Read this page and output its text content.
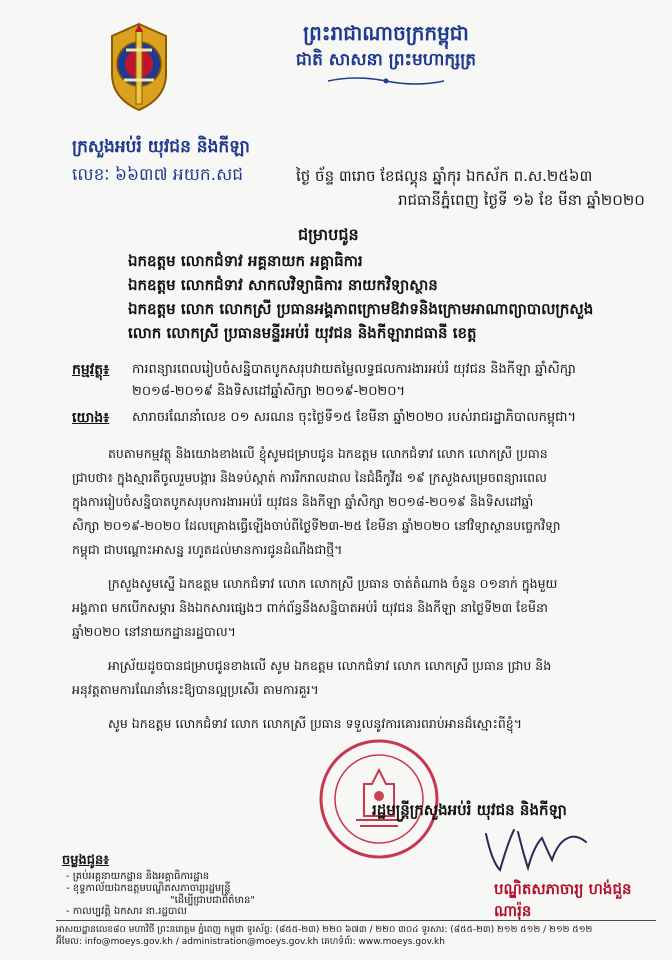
ព្រះរាជាណាចក្រកម្ពុជា
ជាតិ សាសនា ព្រះមហាក្សត្រ
ក្រសួងអប់រំ យុវជន និងកីឡា
លេខៈ ៦៦៣៧ អយក.សជ	ថ្ងៃ ច័ន្ទ ៣រោច ខែផល្គុន ឆ្នាំកុរ ឯកស័ក ព.ស.២៥៦៣
រាជធានីភ្នំពេញ ថ្ងៃទី ១៦ ខែ មីនា ឆ្នាំ២០២០
ជម្រាបជូន
ឯកឧត្តម លោកជំទាវ អគ្គនាយក អគ្គាធិការ
ឯកឧត្តម លោកជំទាវ សាកលវិទ្យាធិការ នាយកវិទ្យាស្ថាន
ឯកឧត្តម លោក លោកស្រី ប្រធានអង្គភាពក្រោមឱវាទនិងក្រោមអាណាព្យាបាលក្រសួង
លោក លោកស្រី ប្រធានមន្ទីរអប់រំ យុវជន និងកីឡារាជធានី ខេត្ត
កម្មវត្ថុ៖ ការពន្យារពេលរៀបចំសន្និបាតបូកសរុបវាយតម្លៃលទ្ធផលការងារអប់រំ យុវជន និងកីឡា ឆ្នាំសិក្សា
២០១៨-២០១៩ និងទិសដៅឆ្នាំសិក្សា ២០១៩-២០២០។
យោង៖ សារាចរណែនាំលេខ ០១ សរណន ចុះថ្ងៃទី១៥ ខែមីនា ឆ្នាំ២០២០ របស់រាជរដ្ឋាភិបាលកម្ពុជា។
តបតាមកម្មវត្ថុ និងយោងខាងលើ ខ្ញុំសូមជម្រាបជូន ឯកឧត្តម លោកជំទាវ លោក លោកស្រី ប្រធាន
ជ្រាបថា៖ ក្នុងស្មារតីចូលរួមបង្ការ និងទប់ស្កាត់ ការរីករាលដាល នៃជំងឺកូវីដ ១៩ ក្រសួងសម្រេចពន្យារពេល
ក្នុងការរៀបចំសន្និបាតបូកសរុបការងារអប់រំ យុវជន និងកីឡា ឆ្នាំសិក្សា ២០១៨-២០១៩ និងទិសដៅឆ្នាំ
សិក្សា ២០១៩-២០២០ ដែលគ្រោងធ្វើឡើងចាប់ពីថ្ងៃទី២៣-២៥ ខែមីនា ឆ្នាំ២០២០ នៅវិទ្យាស្ថានបច្ចេកវិទ្យា
កម្ពុជា ជាបណ្តោះអាសន្ន រហូតដល់មានការជូនដំណឹងជាថ្មី។
ក្រសួងសូមស្នើ ឯកឧត្តម លោកជំទាវ លោក លោកស្រី ប្រធាន ចាត់តំណាង ចំនួន ០១នាក់ ក្នុងមួយ
អង្គភាព មកបើកសម្ភារ និងឯកសារផ្សេងៗ ពាក់ព័ន្ធនឹងសន្និបាតអប់រំ យុវជន និងកីឡា នាថ្ងៃទី២៣ ខែមីនា
ឆ្នាំ២០២០ នៅនាយកដ្ឋានរដ្ឋបាល។
អាស្រ័យដូចបានជម្រាបជូនខាងលើ សូម ឯកឧត្តម លោកជំទាវ លោក លោកស្រី ប្រធាន ជ្រាប និង
អនុវត្តតាមការណែនាំនេះឱ្យបានល្អប្រសើរ តាមការគួរ។
សូម ឯកឧត្តម លោកជំទាវ លោក លោកស្រី ប្រធាន ទទួលនូវការគោរពរាប់អានដ៏ស្មោះពីខ្ញុំ។
រដ្ឋមន្ត្រីក្រសួងអប់រំ យុវជន និងកីឡា
បណ្ឌិតសភាចារ្យ ហង់ជួន ណារ៉ុន
ចម្លងជូន៖
- គ្រប់អគ្គនាយកដ្ឋាន និងអគ្គាធិការដ្ឋាន
- ខុទ្ទកាល័យឯកឧត្តមបណ្ឌិតសភាចារ្យរដ្ឋមន្ត្រី
"ដើម្បីជ្រាបជាព័ត៌មាន"
- កាលប្បវត្តិ ឯកសារ នា.រដ្ឋបាល
អាសយដ្ឋានលេខ៨០ មហាវិថី ព្រះនរោត្តម ភ្នំពេញ កម្ពុជា ទូរស័ព្ទ: (៨៥៥-២៣) ២២០ ៦៧៣ / ២២០ ៣០៤ ទូរសារ: (៨៥៥-២៣) ២១២ ៥១២ / ២១២ ៥១២
អ៊ីមែល: info@moeys.gov.kh / administration@moeys.gov.kh គេហទំព័រ: www.moeys.gov.kh
